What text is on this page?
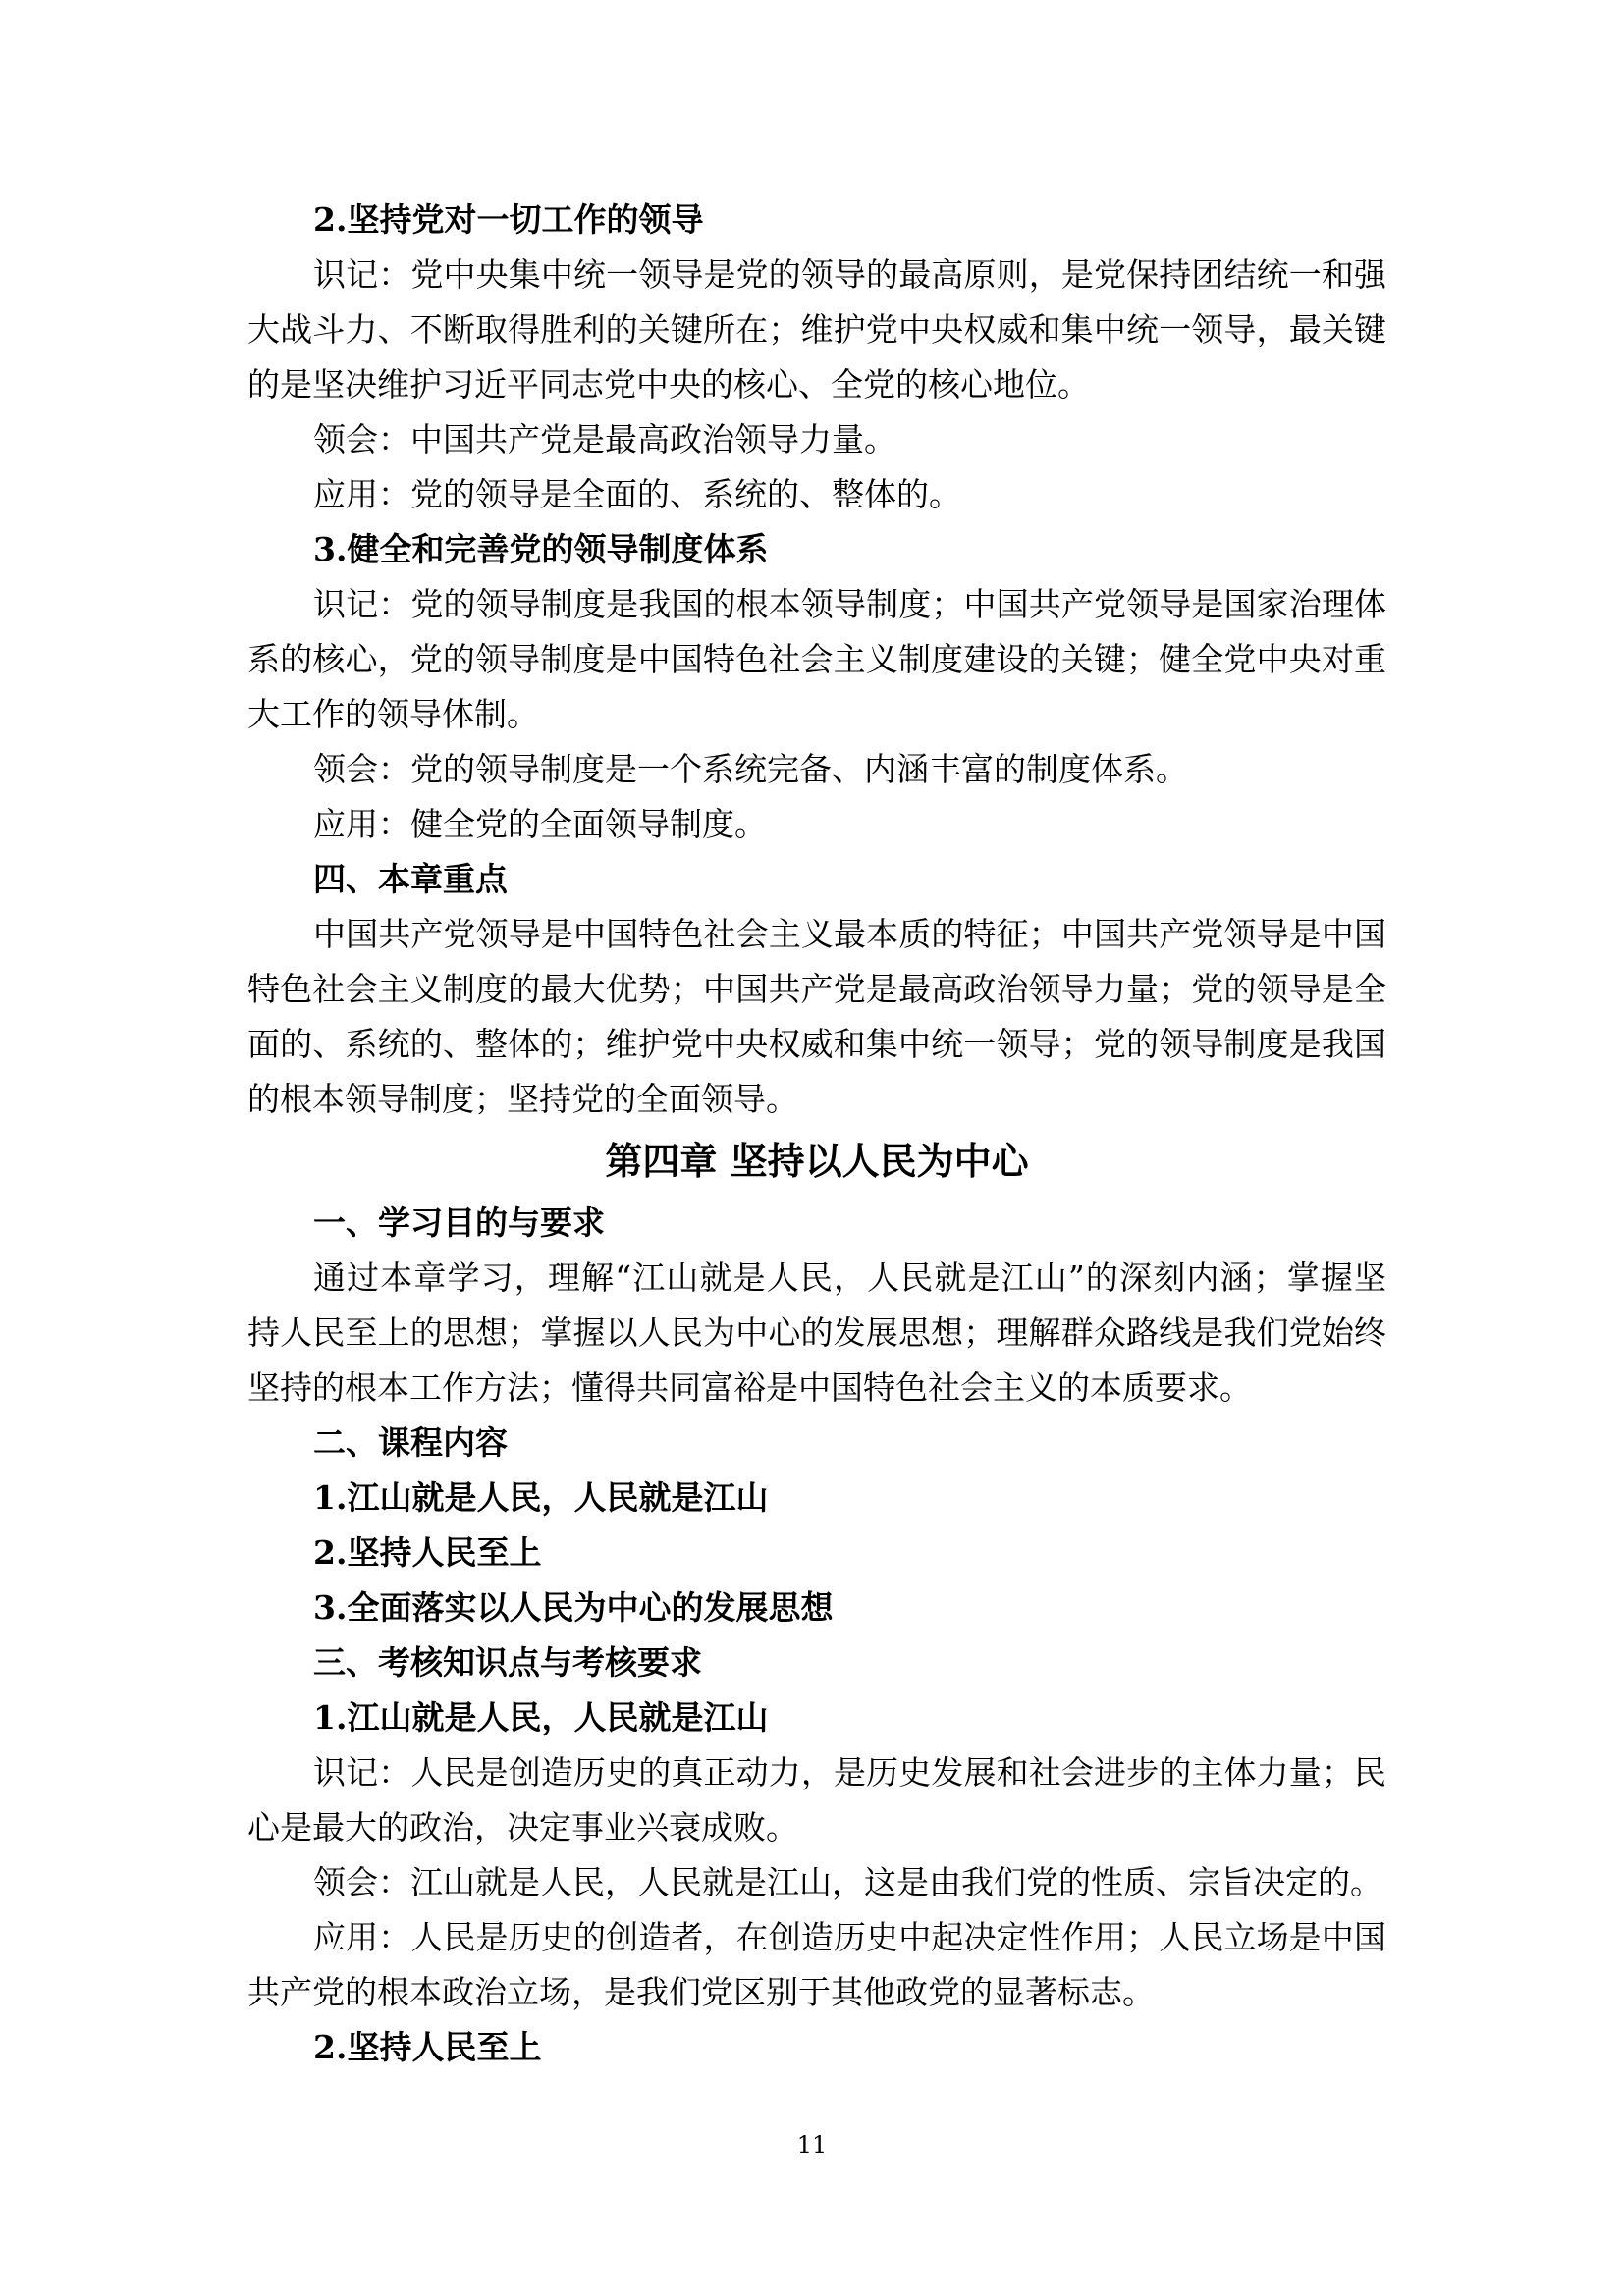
2.坚持党对一切工作的领导
识记：党中央集中统一领导是党的领导的最高原则，是党保持团结统一和强
大战斗力、不断取得胜利的关键所在；维护党中央权威和集中统一领导，最关键
的是坚决维护习近平同志党中央的核心、全党的核心地位。
领会：中国共产党是最高政治领导力量。
应用：党的领导是全面的、系统的、整体的。
3.健全和完善党的领导制度体系
识记：党的领导制度是我国的根本领导制度；中国共产党领导是国家治理体
系的核心，党的领导制度是中国特色社会主义制度建设的关键；健全党中央对重
大工作的领导体制。
领会：党的领导制度是一个系统完备、内涵丰富的制度体系。
应用：健全党的全面领导制度。
四、本章重点
中国共产党领导是中国特色社会主义最本质的特征；中国共产党领导是中国
特色社会主义制度的最大优势；中国共产党是最高政治领导力量；党的领导是全
面的、系统的、整体的；维护党中央权威和集中统一领导；党的领导制度是我国
的根本领导制度；坚持党的全面领导。
第四章 坚持以人民为中心
一、学习目的与要求
通过本章学习，理解“江山就是人民，人民就是江山”的深刻内涵；掌握坚
持人民至上的思想；掌握以人民为中心的发展思想；理解群众路线是我们党始终
坚持的根本工作方法；懂得共同富裕是中国特色社会主义的本质要求。
二、课程内容
1.江山就是人民，人民就是江山
2.坚持人民至上
3.全面落实以人民为中心的发展思想
三、考核知识点与考核要求
1.江山就是人民，人民就是江山
识记：人民是创造历史的真正动力，是历史发展和社会进步的主体力量；民
心是最大的政治，决定事业兴衰成败。
领会：江山就是人民，人民就是江山，这是由我们党的性质、宗旨决定的。
应用：人民是历史的创造者，在创造历史中起决定性作用；人民立场是中国
共产党的根本政治立场，是我们党区别于其他政党的显著标志。
2.坚持人民至上
11
